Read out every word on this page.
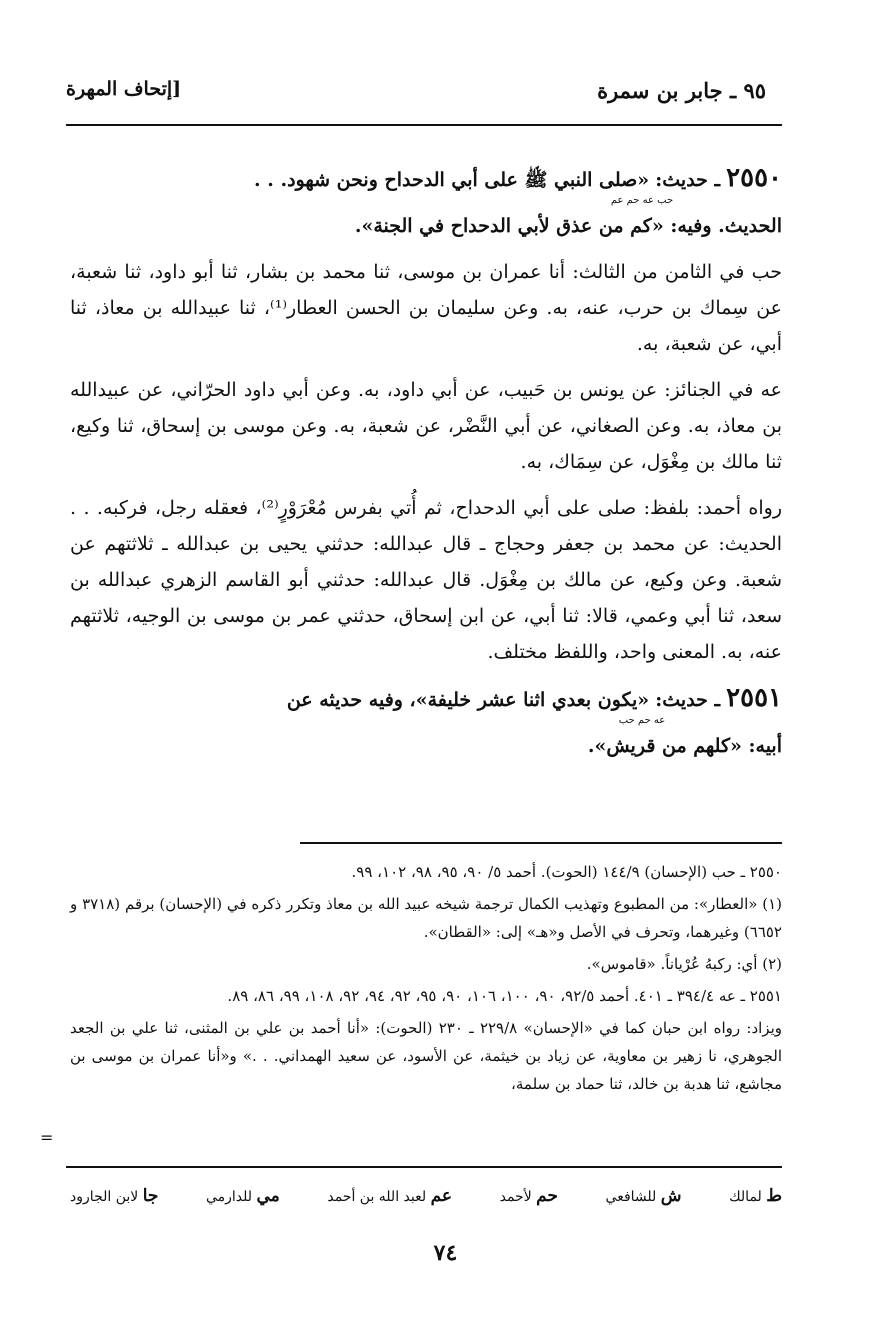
٩٥ ـ جابر بن سمرة
[إتحاف المهرة
٢٥٥٠ ـ حديث: «صلى النبي ﷺ على أبي الدحداح ونحن شهود. . .
حب عه حم عم
الحديث. وفيه: «كم من عذق لأبي الدحداح في الجنة».

حب في الثامن من الثالث: أنا عمران بن موسى، ثنا محمد بن بشار، ثنا أبو داود، ثنا شعبة، عن سِماك بن حرب، عنه، به. وعن سليمان بن الحسن العطار⁽¹⁾، ثنا عبيدالله بن معاذ، ثنا أبي، عن شعبة، به.

عه في الجنائز: عن يونس بن حَبيب، عن أبي داود، به. وعن أبي داود الحرّاني، عن عبيدالله بن معاذ، به. وعن الصغاني، عن أبي النَّضْر، عن شعبة، به. وعن موسى بن إسحاق، ثنا وكيع، ثنا مالك بن مِغْوَل، عن سِمَاك، به.

رواه أحمد: بلفظ: صلى على أبي الدحداح، ثم أُتي بفرس مُعْرَوْرٍ⁽²⁾، فعقله رجل، فركبه. . . الحديث: عن محمد بن جعفر وحجاج ـ قال عبدالله: حدثني يحيى بن عبدالله ـ ثلاثتهم عن شعبة. وعن وكيع، عن مالك بن مِغْوَل. قال عبدالله: حدثني أبو القاسم الزهري عبدالله بن سعد، ثنا أبي وعمي، قالا: ثنا أبي، عن ابن إسحاق، حدثني عمر بن موسى بن الوجيه، ثلاثتهم عنه، به. المعنى واحد، واللفظ مختلف.

٢٥٥١ ـ حديث: «يكون بعدي اثنا عشر خليفة»، وفيه حديثه عن
عه حم حب
أبيه: «كلهم من قريش».

٢٥٥٠ ـ حب (الإحسان) ١٤٤/٩ (الحوت). أحمد ٥/ ٩٠، ٩٥، ٩٨، ١٠٢، ٩٩.

(١) «العطار»: من المطبوع وتهذيب الكمال ترجمة شيخه عبيد الله بن معاذ وتكرر ذكره في (الإحسان) برقم (٣٧١٨ و ٦٦٥٢) وغيرهما، وتحرف في الأصل و«هـ» إلى: «القطان».

(٢) أي: ركبهُ عُرْياناً. «قاموس».

٢٥٥١ ـ عه ٣٩٤/٤ ـ ٤٠١. أحمد ٩٢/٥، ٩٠، ١٠٠، ١٠٦، ٩٠، ٩٥، ٩٢، ٩٤، ٩٢، ١٠٨، ٩٩، ٨٦، ٨٩.

ويزاد: رواه ابن حبان كما في «الإحسان» ٢٢٩/٨ ـ ٢٣٠ (الحوت): «أنا أحمد بن علي بن المثنى، ثنا علي بن الجعد الجوهري، نا زهير بن معاوية، عن زياد بن خيثمة، عن الأسود، عن سعيد الهمداني. . .» و«أنا عمران بن موسى بن مجاشع، ثنا هدبة بن خالد، ثنا حماد بن سلمة،

=
ط لمالك
ش للشافعي
حم لأحمد
عم لعبد الله بن أحمد
مي للدارمي
جا لابن الجارود
٧٤
